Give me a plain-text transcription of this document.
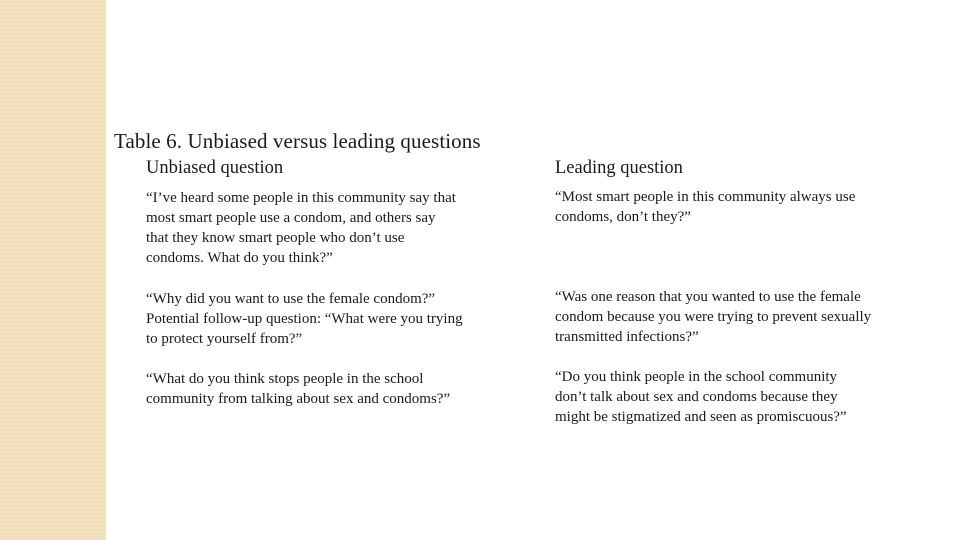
Table 6. Unbiased versus leading questions
Unbiased question	Leading question
“I’ve heard some people in this community say that
most smart people use a condom, and others say
that they know smart people who don’t use
condoms. What do you think?”
“Most smart people in this community always use
condoms, don’t they?”
“Why did you want to use the female condom?”
Potential follow-up question: “What were you trying
to protect yourself from?”
“Was one reason that you wanted to use the female
condom because you were trying to prevent sexually
transmitted infections?”
“What do you think stops people in the school
community from talking about sex and condoms?”
“Do you think people in the school community
don’t talk about sex and condoms because they
might be stigmatized and seen as promiscuous?”
